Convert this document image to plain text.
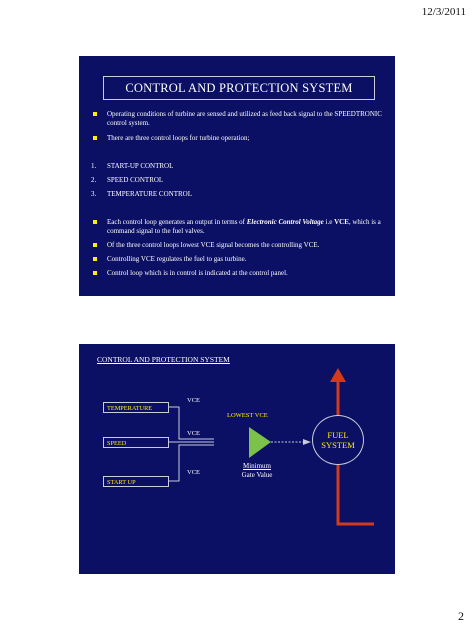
12/3/2011
CONTROL AND PROTECTION SYSTEM
Operating conditions of turbine are sensed and utilized as feed back signal to the SPEEDTRONIC control system.
There are three control loops for turbine operation;
1. START-UP CONTROL
2. SPEED CONTROL
3. TEMPERATURE CONTROL
Each control loop generates an output in terms of Electronic Control Voltage i.e VCE, which is a command signal to the fuel valves.
Of the three control loops lowest VCE signal becomes the controlling VCE.
Controlling VCE regulates the fuel to gas turbine.
Control loop which is in control is indicated at the control panel.
CONTROL AND PROTECTION SYSTEM
TEMPERATURE
SPEED
START UP
VCE
VCE
VCE
LOWEST VCE
Minimum
Gate Value
FUEL
SYSTEM
2
